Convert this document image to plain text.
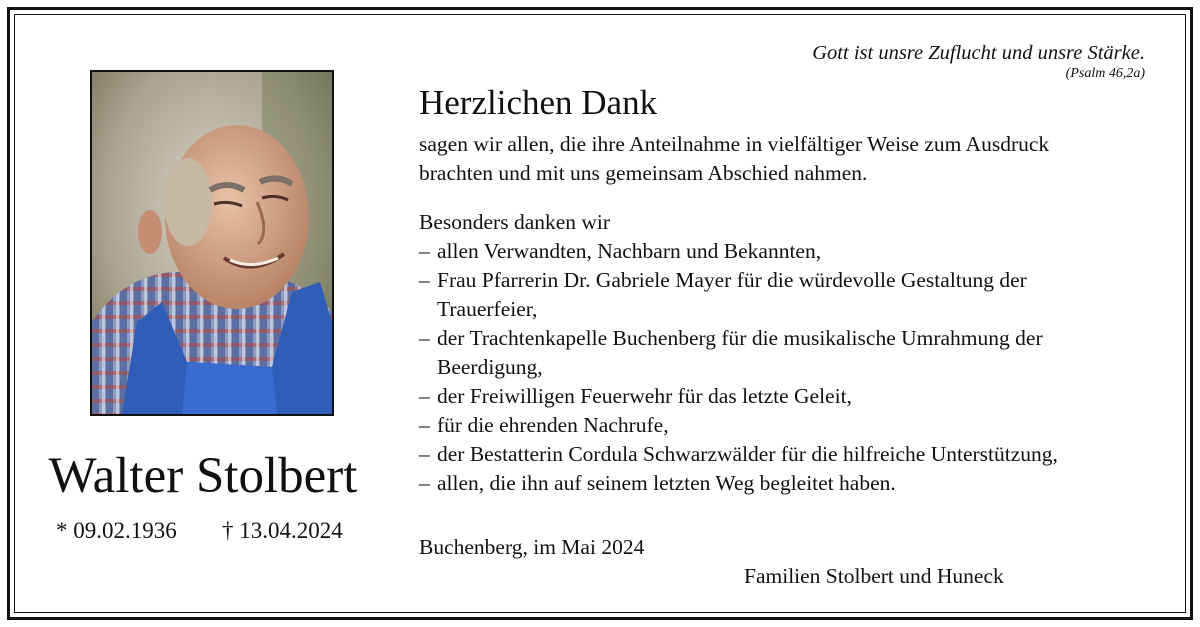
Walter Stolbert
* 09.02.1936 † 13.04.2024
Gott ist unsre Zuflucht und unsre Stärke.
(Psalm 46,2a)
Herzlichen Dank
sagen wir allen, die ihre Anteilnahme in vielfältiger Weise zum Ausdruck
brachten und mit uns gemeinsam Abschied nahmen.
Besonders danken wir
– allen Verwandten, Nachbarn und Bekannten,
– Frau Pfarrerin Dr. Gabriele Mayer für die würdevolle Gestaltung der
Trauerfeier,
– der Trachtenkapelle Buchenberg für die musikalische Umrahmung der
Beerdigung,
– der Freiwilligen Feuerwehr für das letzte Geleit,
– für die ehrenden Nachrufe,
– der Bestatterin Cordula Schwarzwälder für die hilfreiche Unterstützung,
– allen, die ihn auf seinem letzten Weg begleitet haben.
Buchenberg, im Mai 2024
Familien Stolbert und Huneck
